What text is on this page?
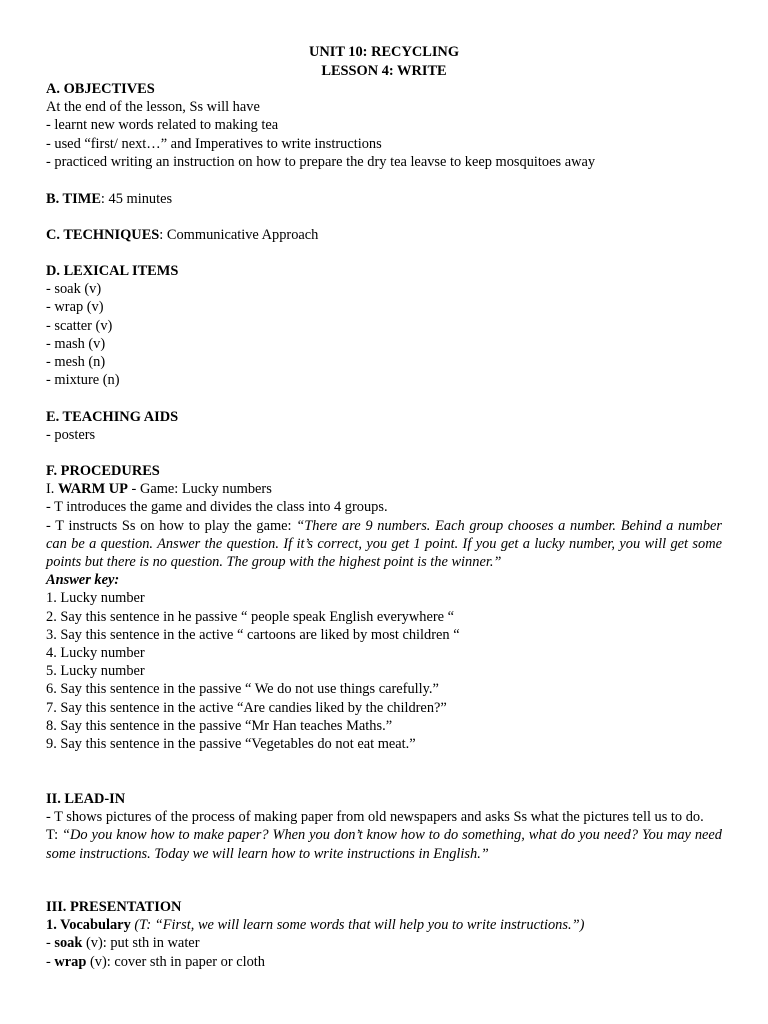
UNIT 10: RECYCLING
LESSON 4: WRITE
A. OBJECTIVES
At the end of the lesson, Ss will have
- learnt new words related to making tea
- used “first/ next…” and Imperatives to write instructions
- practiced writing an instruction on how to prepare the dry tea leavse to keep mosquitoes away
B. TIME: 45 minutes
C. TECHNIQUES: Communicative Approach
D. LEXICAL ITEMS
- soak (v)
- wrap (v)
- scatter (v)
- mash (v)
- mesh (n)
- mixture (n)
E. TEACHING AIDS
- posters
F. PROCEDURES
I. WARM UP - Game: Lucky numbers
- T introduces the game and divides the class into 4 groups.
- T instructs Ss on how to play the game: “There are 9 numbers. Each group chooses a number. Behind a number can be a question. Answer the question. If it’s correct, you get 1 point. If you get a lucky number, you will get some points but there is no question. The group with the highest point is the winner.”
Answer key:
1. Lucky number
2. Say this sentence in he passive “ people speak English everywhere “
3. Say this sentence in the active “ cartoons are liked by most children “
4. Lucky number
5. Lucky number
6. Say this sentence in the passive “ We do not use things carefully.”
7. Say this sentence in the active “Are candies liked by the children?”
8. Say this sentence in the passive “Mr Han teaches Maths.”
9. Say this sentence in the passive “Vegetables do not eat meat.”
II. LEAD-IN
- T shows pictures of the process of making paper from old newspapers and asks Ss what the pictures tell us to do.
T: “Do you know how to make paper? When you don’t know how to do something, what do you need? You may need some instructions. Today we will learn how to write instructions in English.”
III. PRESENTATION
1. Vocabulary (T: “First, we will learn some words that will help you to write instructions.”)
- soak (v): put sth in water
- wrap (v): cover sth in paper or cloth
